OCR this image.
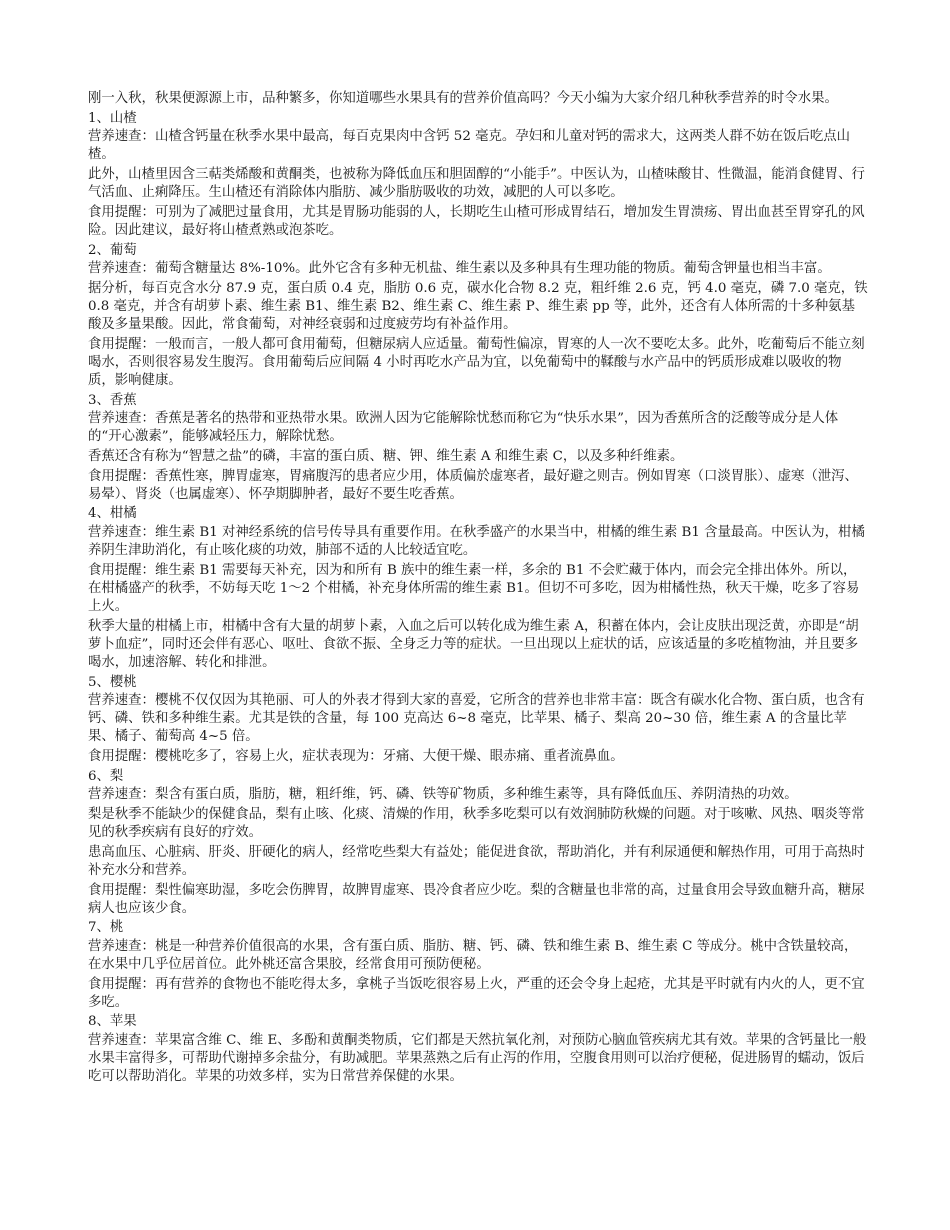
刚一入秋，秋果便源源上市，品种繁多，你知道哪些水果具有的营养价值高吗？今天小编为大家介绍几种秋季营养的时令水果。

1、山楂

营养速查：山楂含钙量在秋季水果中最高，每百克果肉中含钙 52 毫克。孕妇和儿童对钙的需求大，这两类人群不妨在饭后吃点山楂。

此外，山楂里因含三萜类烯酸和黄酮类，也被称为降低血压和胆固醇的“小能手”。中医认为，山楂味酸甘、性微温，能消食健胃、行气活血、止痢降压。生山楂还有消除体内脂肪、减少脂肪吸收的功效，减肥的人可以多吃。

食用提醒：可别为了减肥过量食用，尤其是胃肠功能弱的人，长期吃生山楂可形成胃结石，增加发生胃溃疡、胃出血甚至胃穿孔的风险。因此建议，最好将山楂煮熟或泡茶吃。

2、葡萄

营养速查：葡萄含糖量达 8%-10%。此外它含有多种无机盐、维生素以及多种具有生理功能的物质。葡萄含钾量也相当丰富。

据分析，每百克含水分 87.9 克，蛋白质 0.4 克，脂肪 0.6 克，碳水化合物 8.2 克，粗纤维 2.6 克，钙 4.0 毫克，磷 7.0 毫克，铁 0.8 毫克，并含有胡萝卜素、维生素 B1、维生素 B2、维生素 C、维生素 P、维生素 pp 等，此外，还含有人体所需的十多种氨基酸及多量果酸。因此，常食葡萄，对神经衰弱和过度疲劳均有补益作用。

食用提醒：一般而言，一般人都可食用葡萄，但糖尿病人应适量。葡萄性偏凉，胃寒的人一次不要吃太多。此外，吃葡萄后不能立刻喝水，否则很容易发生腹泻。食用葡萄后应间隔 4 小时再吃水产品为宜，以免葡萄中的鞣酸与水产品中的钙质形成难以吸收的物质，影响健康。

3、香蕉

营养速查：香蕉是著名的热带和亚热带水果。欧洲人因为它能解除忧愁而称它为“快乐水果”，因为香蕉所含的泛酸等成分是人体的“开心激素”，能够减轻压力，解除忧愁。

香蕉还含有称为“智慧之盐”的磷，丰富的蛋白质、糖、钾、维生素 A 和维生素 C，以及多种纤维素。

食用提醒：香蕉性寒，脾胃虚寒，胃痛腹泻的患者应少用，体质偏於虚寒者，最好避之则吉。例如胃寒（口淡胃胀）、虚寒（泄泻、易晕）、肾炎（也属虚寒）、怀孕期脚肿者，最好不要生吃香蕉。

4、柑橘

营养速查：维生素 B1 对神经系统的信号传导具有重要作用。在秋季盛产的水果当中，柑橘的维生素 B1 含量最高。中医认为，柑橘养阴生津助消化，有止咳化痰的功效，肺部不适的人比较适宜吃。

食用提醒：维生素 B1 需要每天补充，因为和所有 B 族中的维生素一样，多余的 B1 不会贮藏于体内，而会完全排出体外。所以，在柑橘盛产的秋季，不妨每天吃 1～2 个柑橘，补充身体所需的维生素 B1。但切不可多吃，因为柑橘性热，秋天干燥，吃多了容易上火。

秋季大量的柑橘上市，柑橘中含有大量的胡萝卜素，入血之后可以转化成为维生素 A，积蓄在体内，会让皮肤出现泛黄，亦即是“胡萝卜血症”，同时还会伴有恶心、呕吐、食欲不振、全身乏力等的症状。一旦出现以上症状的话，应该适量的多吃植物油，并且要多喝水，加速溶解、转化和排泄。

5、樱桃

营养速查：樱桃不仅仅因为其艳丽、可人的外表才得到大家的喜爱，它所含的营养也非常丰富：既含有碳水化合物、蛋白质，也含有钙、磷、铁和多种维生素。尤其是铁的含量，每 100 克高达 6~8 毫克，比苹果、橘子、梨高 20~30 倍，维生素 A 的含量比苹果、橘子、葡萄高 4~5 倍。

食用提醒：樱桃吃多了，容易上火，症状表现为：牙痛、大便干燥、眼赤痛、重者流鼻血。

6、梨

营养速查：梨含有蛋白质，脂肪，糖，粗纤维，钙、磷、铁等矿物质，多种维生素等，具有降低血压、养阴清热的功效。

梨是秋季不能缺少的保健食品，梨有止咳、化痰、清燥的作用，秋季多吃梨可以有效润肺防秋燥的问题。对于咳嗽、风热、咽炎等常见的秋季疾病有良好的疗效。

患高血压、心脏病、肝炎、肝硬化的病人，经常吃些梨大有益处；能促进食欲，帮助消化，并有利尿通便和解热作用，可用于高热时补充水分和营养。

食用提醒：梨性偏寒助湿，多吃会伤脾胃，故脾胃虚寒、畏冷食者应少吃。梨的含糖量也非常的高，过量食用会导致血糖升高，糖尿病人也应该少食。

7、桃

营养速查：桃是一种营养价值很高的水果，含有蛋白质、脂肪、糖、钙、磷、铁和维生素 B、维生素 C 等成分。桃中含铁量较高，在水果中几乎位居首位。此外桃还富含果胶，经常食用可预防便秘。

食用提醒：再有营养的食物也不能吃得太多，拿桃子当饭吃很容易上火，严重的还会令身上起疮，尤其是平时就有内火的人，更不宜多吃。

8、苹果

营养速查：苹果富含维 C、维 E、多酚和黄酮类物质，它们都是天然抗氧化剂，对预防心脑血管疾病尤其有效。苹果的含钙量比一般水果丰富得多，可帮助代谢掉多余盐分，有助减肥。苹果蒸熟之后有止泻的作用，空腹食用则可以治疗便秘，促进肠胃的蠕动，饭后吃可以帮助消化。苹果的功效多样，实为日常营养保健的水果。
